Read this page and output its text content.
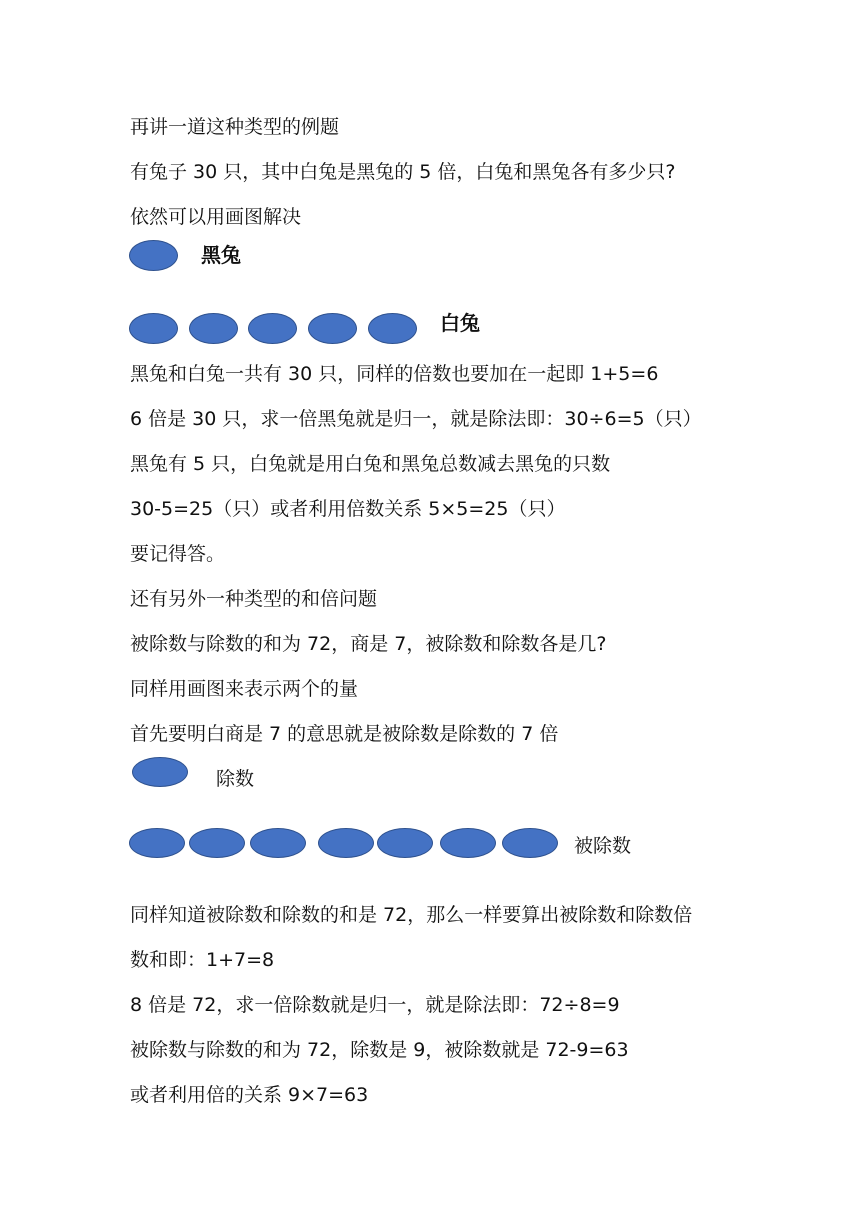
再讲一道这种类型的例题
有兔子 30 只，其中白兔是黑兔的 5 倍，白兔和黑兔各有多少只?
依然可以用画图解决
黑兔
白兔
黑兔和白兔一共有 30 只，同样的倍数也要加在一起即 1+5=6
6 倍是 30 只，求一倍黑兔就是归一，就是除法即：30÷6=5（只）
黑兔有 5 只，白兔就是用白兔和黑兔总数减去黑兔的只数
30-5=25（只）或者利用倍数关系 5×5=25（只）
要记得答。
还有另外一种类型的和倍问题
被除数与除数的和为 72，商是 7，被除数和除数各是几?
同样用画图来表示两个的量
首先要明白商是 7 的意思就是被除数是除数的 7 倍
除数
被除数
同样知道被除数和除数的和是 72，那么一样要算出被除数和除数倍
数和即：1+7=8
8 倍是 72，求一倍除数就是归一，就是除法即：72÷8=9
被除数与除数的和为 72，除数是 9，被除数就是 72-9=63
或者利用倍的关系 9×7=63
